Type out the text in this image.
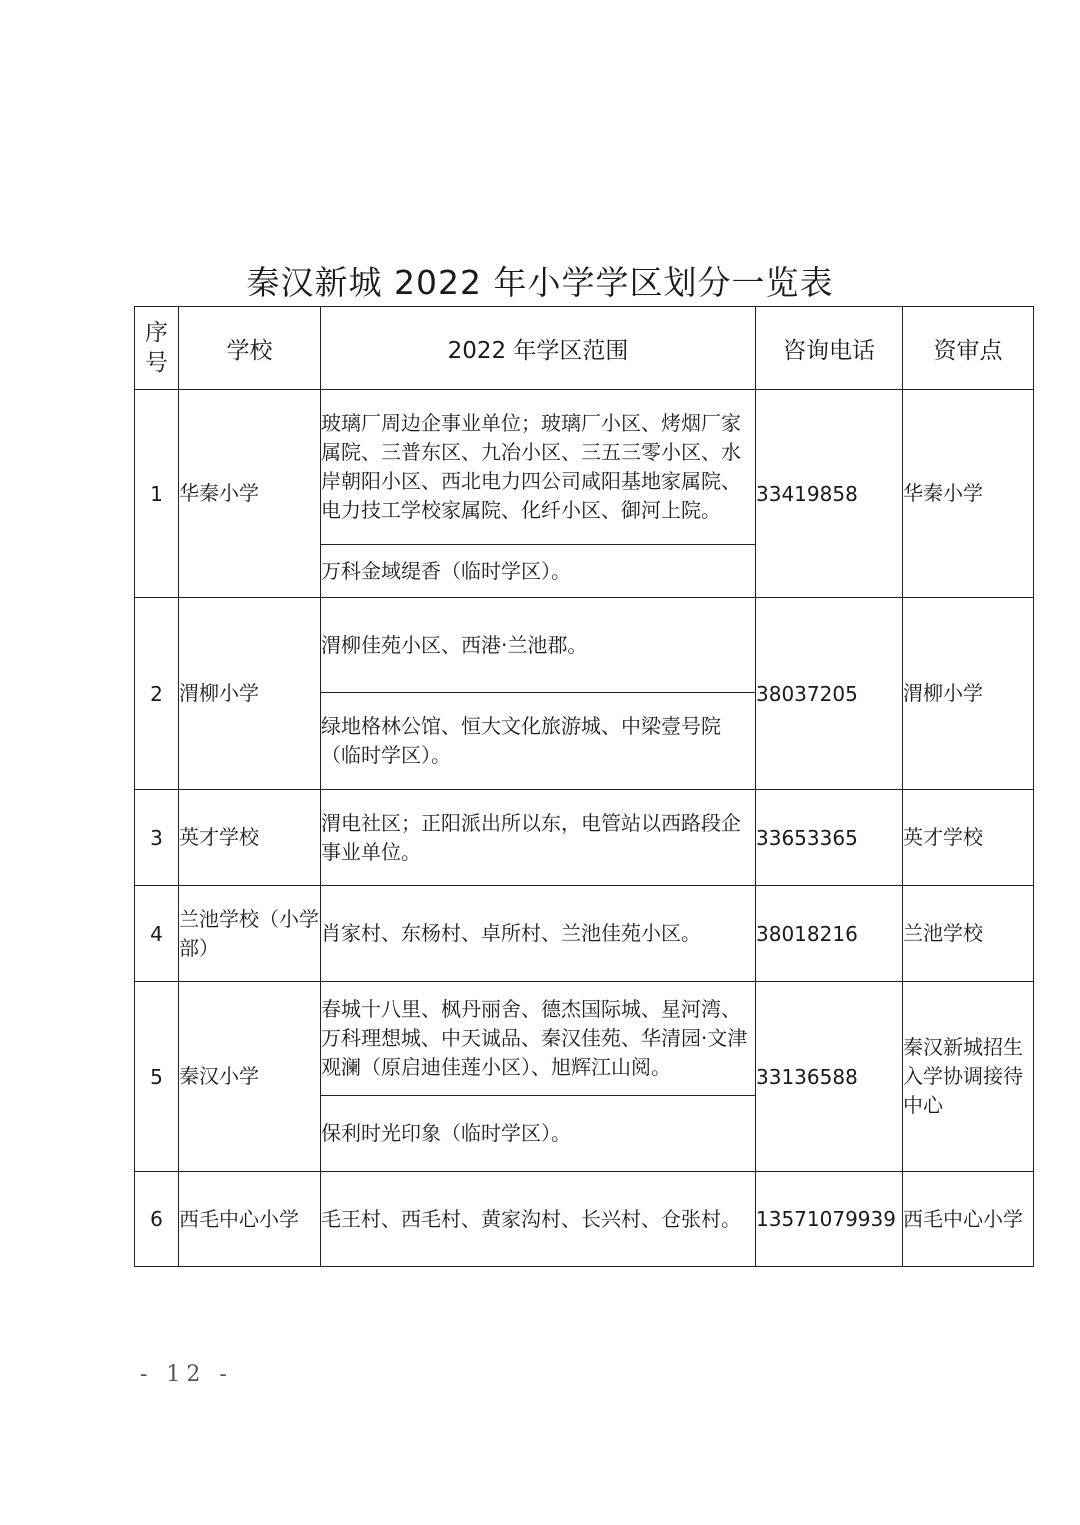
秦汉新城 2022 年小学学区划分一览表
序
号	学校	2022 年学区范围	咨询电话	资审点
1	华秦小学	玻璃厂周边企事业单位；玻璃厂小区、烤烟厂家属院、三普东区、九冶小区、三五三零小区、水岸朝阳小区、西北电力四公司咸阳基地家属院、电力技工学校家属院、化纤小区、御河上院。	33419858	华秦小学
		万科金域缇香（临时学区）。		
2	渭柳小学	渭柳佳苑小区、西港·兰池郡。	38037205	渭柳小学
		绿地格林公馆、恒大文化旅游城、中梁壹号院（临时学区）。		
3	英才学校	渭电社区；正阳派出所以东，电管站以西路段企事业单位。	33653365	英才学校
4	兰池学校（小学部）	肖家村、东杨村、卓所村、兰池佳苑小区。	38018216	兰池学校
5	秦汉小学	春城十八里、枫丹丽舍、德杰国际城、星河湾、万科理想城、中天诚品、秦汉佳苑、华清园·文津观澜（原启迪佳莲小区）、旭辉江山阅。	33136588	秦汉新城招生入学协调接待中心
		保利时光印象（临时学区）。		
6	西毛中心小学	毛王村、西毛村、黄家沟村、长兴村、仓张村。	13571079939	西毛中心小学
- 12 -
